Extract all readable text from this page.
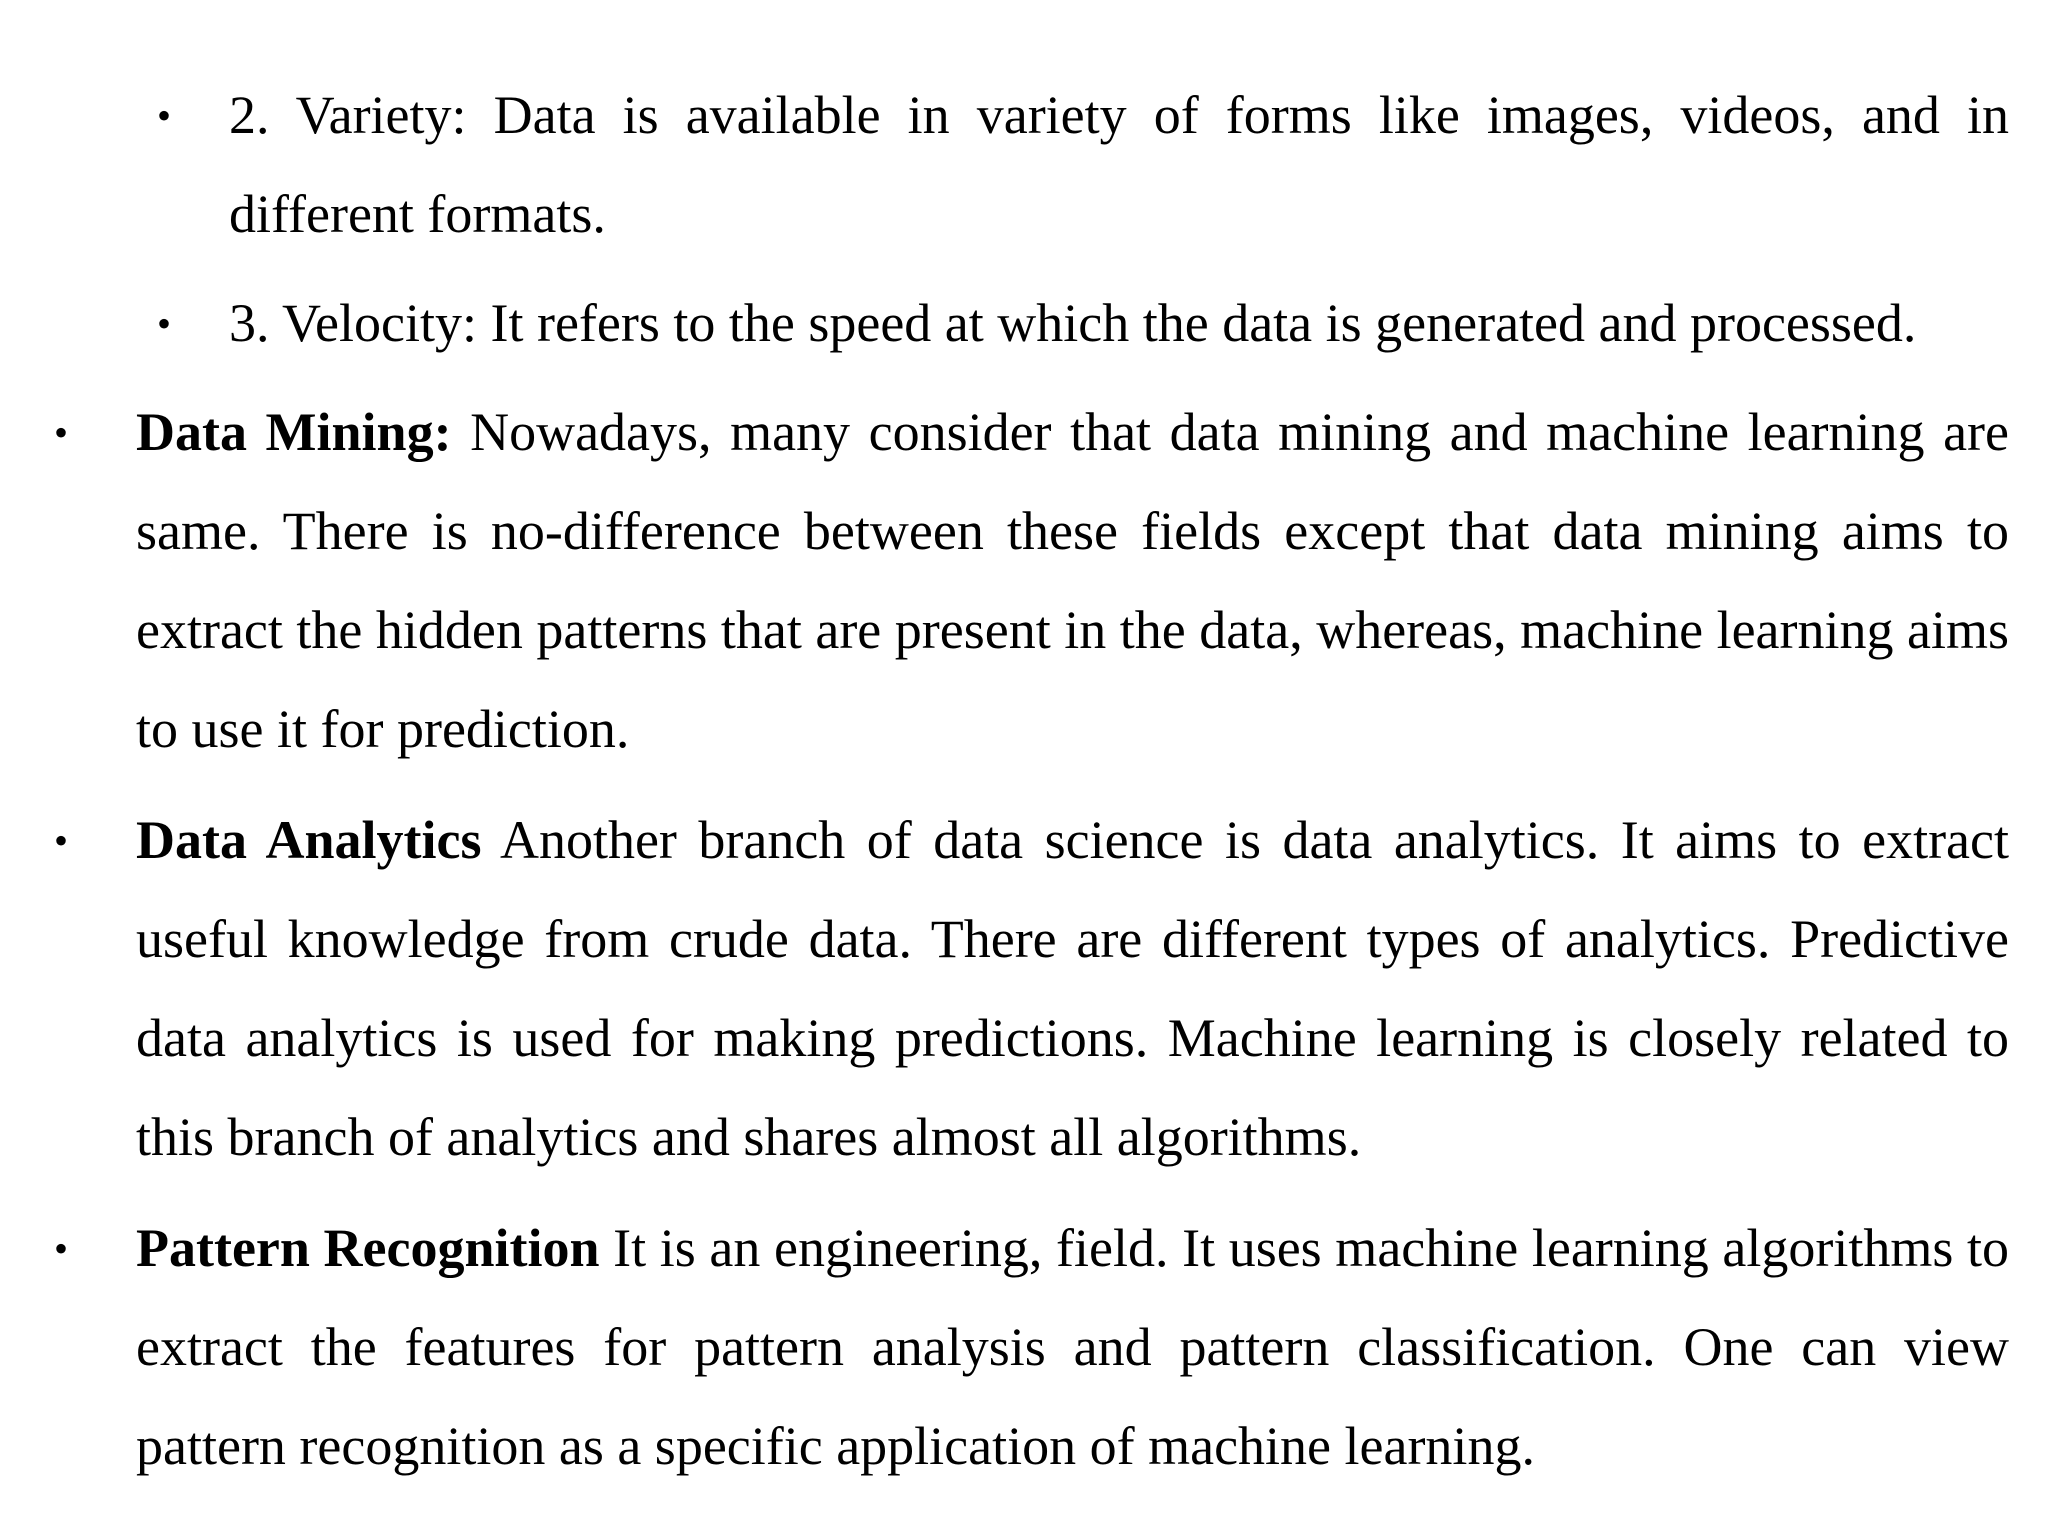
• 2. Variety: Data is available in variety of forms like images, videos, and in different formats.
• 3. Velocity: It refers to the speed at which the data is generated and processed.
• Data Mining: Nowadays, many consider that data mining and machine learning are same. There is no-difference between these fields except that data mining aims to extract the hidden patterns that are present in the data, whereas, machine learning aims to use it for prediction.
• Data Analytics Another branch of data science is data analytics. It aims to extract useful knowledge from crude data. There are different types of analytics. Predictive data analytics is used for making predictions. Machine learning is closely related to this branch of analytics and shares almost all algorithms.
• Pattern Recognition It is an engineering, field. It uses machine learning algorithms to extract the features for pattern analysis and pattern classification. One can view pattern recognition as a specific application of machine learning.
